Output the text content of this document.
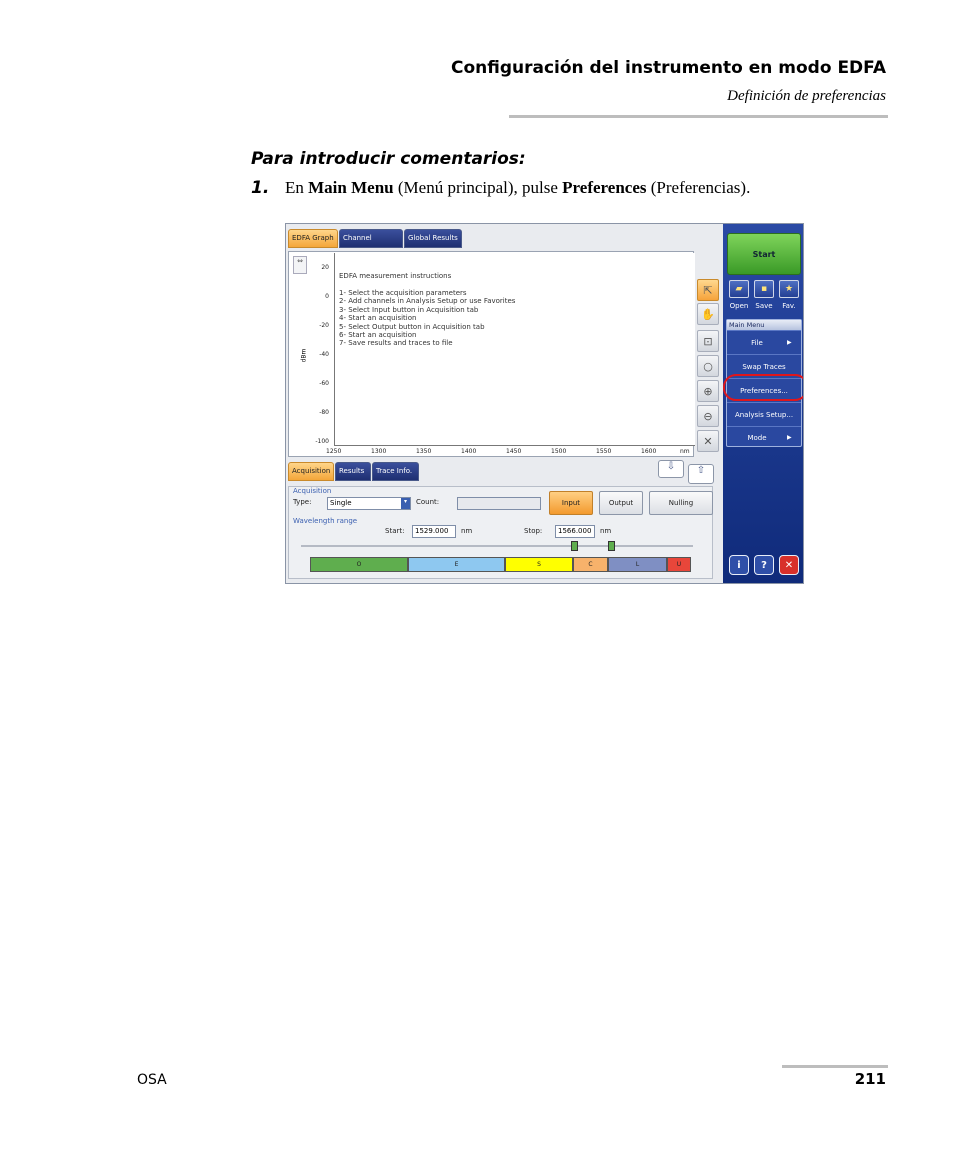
Configuración del instrumento en modo EDFA
Definición de preferencias
Para introducir comentarios:
1. En Main Menu (Menú principal), pulse Preferences (Preferencias).
EDFA Graph	Channel	Global Results
⇔
dBm
20
0
-20
-40
-60
-80
-100
EDFA measurement instructions
1- Select the acquisition parameters
2- Add channels in Analysis Setup or use Favorites
3- Select Input button in Acquisition tab
4- Start an acquisition
5- Select Output button in Acquisition tab
6- Start an acquisition
7- Save results and traces to file
1250	1300	1350	1400	1450	1500	1550	1600	nm
⇱
✋
⊡
○
⊕
⊖
✕
Acquisition	Results	Trace Info.	⇩	⇧
Acquisition
Type:	Single	▾	Count:	Input	Output	Nulling
Wavelength range
Start:	1529.000	nm	Stop:	1566.000	nm
O	E	S	C	L	U
Start
▰	▪	★
Open	Save	Fav.
Main Menu
File	▶
Swap Traces
Preferences...
Analysis Setup...
Mode	▶
i	?	✕
OSA	211
